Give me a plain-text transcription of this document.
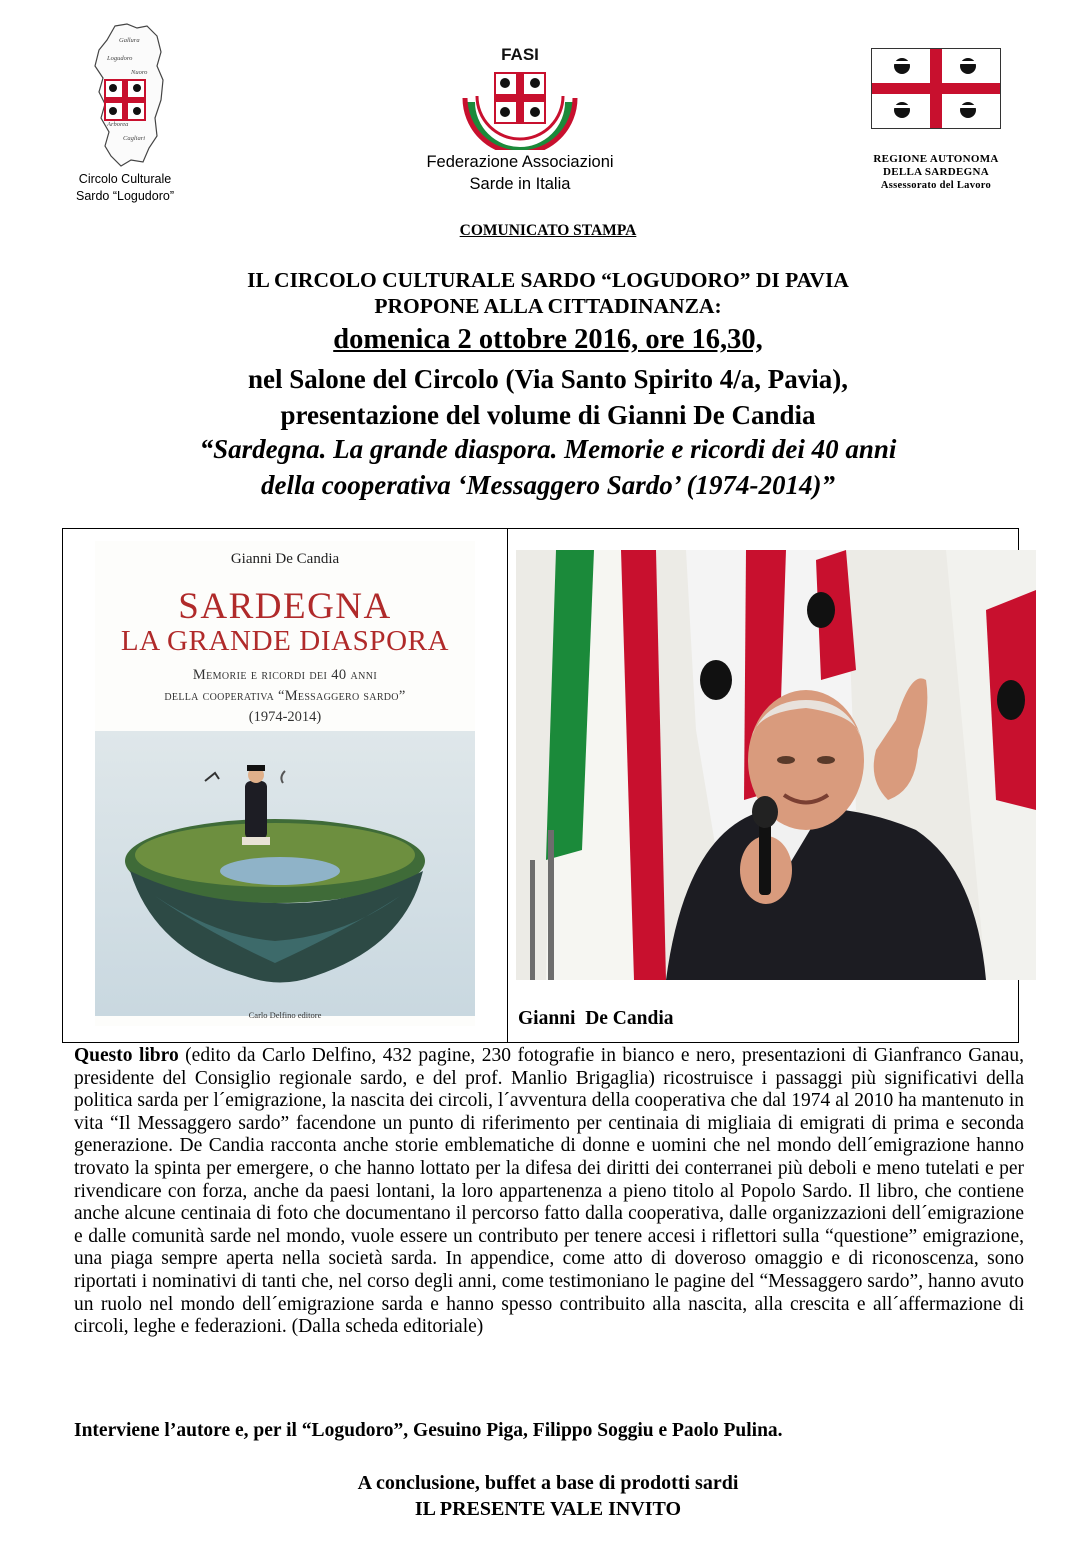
Gallura
Logudoro
Nuoro
Arborea
Cagliari
Circolo Culturale
Sardo “Logudoro”
FASI
Federazione Associazioni
Sarde in Italia
REGIONE AUTONOMA
DELLA SARDEGNA
Assessorato del Lavoro
COMUNICATO STAMPA
IL CIRCOLO CULTURALE SARDO “LOGUDORO” DI PAVIA
PROPONE ALLA CITTADINANZA:
domenica 2 ottobre 2016, ore 16,30,
nel Salone del Circolo (Via Santo Spirito 4/a, Pavia),
presentazione del volume di Gianni De Candia
“Sardegna. La grande diaspora. Memorie e ricordi dei 40 anni
della cooperativa ‘Messaggero Sardo’ (1974-2014)”
Gianni De Candia
SARDEGNA
LA GRANDE DIASPORA
Memorie e ricordi dei 40 anni
della cooperativa “Messaggero sardo”
(1974-2014)
Carlo Delfino editore	Gianni  De Candia
Questo libro (edito da Carlo Delfino, 432 pagine, 230 fotografie in bianco e nero, presentazioni di Gianfranco Ganau, presidente del Consiglio regionale sardo, e del prof. Manlio Brigaglia) ricostruisce i passaggi più significativi della politica sarda per l´emigrazione, la nascita dei circoli, l´avventura della cooperativa che dal 1974 al 2010 ha mantenuto in vita “Il Messaggero sardo” facendone un punto di riferimento per centinaia di migliaia di emigrati di prima e seconda generazione. De Candia racconta anche storie emblematiche di donne e uomini che nel mondo dell´emigrazione hanno trovato la spinta per emergere, o che hanno lottato per la difesa dei diritti dei conterranei più deboli e meno tutelati e per rivendicare con forza, anche da paesi lontani, la loro appartenenza a pieno titolo al Popolo Sardo. Il libro, che contiene anche alcune centinaia di foto che documentano il percorso fatto dalla cooperativa, dalle organizzazioni dell´emigrazione e dalle comunità sarde nel mondo, vuole essere un contributo per tenere accesi i riflettori sulla “questione” emigrazione, una piaga sempre aperta nella società sarda. In appendice, come atto di doveroso omaggio e di riconoscenza, sono riportati i nominativi di tanti che, nel corso degli anni, come testimoniano le pagine del “Messaggero sardo”, hanno avuto un ruolo nel mondo dell´emigrazione sarda e hanno spesso contribuito alla nascita, alla crescita e all´affermazione di circoli, leghe e federazioni. (Dalla scheda editoriale)
Interviene l’autore e, per il “Logudoro”, Gesuino Piga, Filippo Soggiu e Paolo Pulina.
A conclusione, buffet a base di prodotti sardi
IL PRESENTE VALE INVITO
